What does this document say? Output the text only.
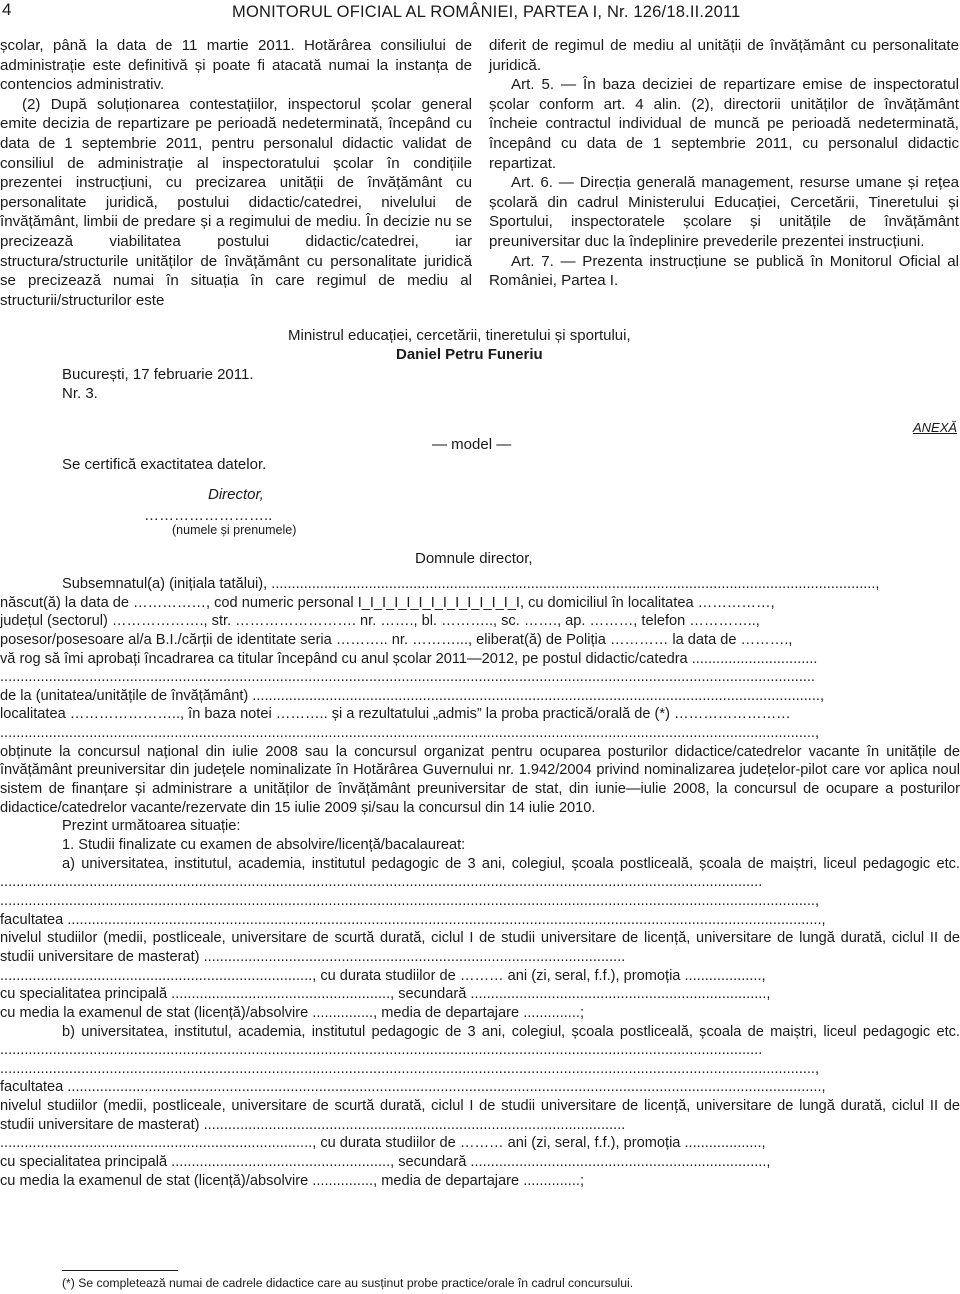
4	MONITORUL OFICIAL AL ROMÂNIEI, PARTEA I, Nr. 126/18.II.2011

școlar, până la data de 11 martie 2011. Hotărârea consiliului de administrație este definitivă și poate fi atacată numai la instanța de contencios administrativ.

(2) După soluționarea contestațiilor, inspectorul școlar general emite decizia de repartizare pe perioadă nedeterminată, începând cu data de 1 septembrie 2011, pentru personalul didactic validat de consiliul de administrație al inspectoratului școlar în condițiile prezentei instrucțiuni, cu precizarea unității de învățământ cu personalitate juridică, postului didactic/catedrei, nivelului de învățământ, limbii de predare și a regimului de mediu. În decizie nu se precizează viabilitatea postului didactic/catedrei, iar structura/structurile unităților de învățământ cu personalitate juridică se precizează numai în situația în care regimul de mediu al structurii/structurilor este

diferit de regimul de mediu al unității de învățământ cu personalitate juridică.

Art. 5. — În baza deciziei de repartizare emise de inspectoratul școlar conform art. 4 alin. (2), directorii unităților de învățământ încheie contractul individual de muncă pe perioadă nedeterminată, începând cu data de 1 septembrie 2011, cu personalul didactic repartizat.

Art. 6. — Direcția generală management, resurse umane și rețea școlară din cadrul Ministerului Educației, Cercetării, Tineretului și Sportului, inspectoratele școlare și unitățile de învățământ preuniversitar duc la îndeplinire prevederile prezentei instrucțiuni.

Art. 7. — Prezenta instrucțiune se publică în Monitorul Oficial al României, Partea I.

Ministrul educației, cercetării, tineretului și sportului,
Daniel Petru Funeriu
București, 17 februarie 2011.
Nr. 3.
ANEXĂ
— model —
Se certifică exactitatea datelor.
Director,
……………………..
(numele și prenumele)
Domnule director,
Subsemnatul(a) (inițiala tatălui), .....................................................................................................................................................,
născut(ă) la data de ……………, cod numeric personal I_I_I_I_I_I_I_I_I_I_I_I_I_I, cu domiciliul în localitatea ……………,
județul (sectorul) ………………., str. ……………………. nr. ……., bl. ……….., sc. ……., ap. ………, telefon …………..,
posesor/posesoare al/a B.I./cărții de identitate seria ……….. nr. ………..., eliberat(ă) de Poliția ………… la data de ……….,
vă rog să îmi aprobați încadrarea ca titular începând cu anul școlar 2011—2012, pe postul didactic/catedra ...............................
.........................................................................................................................................................................................................
de la (unitatea/unitățile de învățământ) ............................................................................................................................................,
localitatea ………………….., în baza notei ……….. și a rezultatului „admis” la proba practică/orală de (*) ……………………
.........................................................................................................................................................................................................,
obținute la concursul național din iulie 2008 sau la concursul organizat pentru ocuparea posturilor didactice/catedrelor vacante în unitățile de învățământ preuniversitar din județele nominalizate în Hotărârea Guvernului nr. 1.942/2004 privind nominalizarea județelor-pilot care vor aplica noul sistem de finanțare și administrare a unităților de învățământ preuniversitar de stat, din iunie—iulie 2008, la concursul de ocupare a posturilor didactice/catedrelor vacante/rezervate din 15 iulie 2009 și/sau la concursul din 14 iulie 2010.
Prezint următoarea situație:
1. Studii finalizate cu examen de absolvire/licență/bacalaureat:
a) universitatea, institutul, academia, institutul pedagogic de 3 ani, colegiul, școala postliceală, școala de maiștri, liceul pedagogic etc. ............................................................................................................................................................................................
.........................................................................................................................................................................................................,
facultatea ..........................................................................................................................................................................................,
nivelul studiilor (medii, postliceale, universitare de scurtă durată, ciclul I de studii universitare de licență, universitare de lungă durată, ciclul II de studii universitare de masterat) ........................................................................................................
............................................................................., cu durata studiilor de ……… ani (zi, seral, f.f.), promoția ...................,
cu specialitatea principală ......................................................, secundară .........................................................................,
cu media la examenul de stat (licență)/absolvire ..............., media de departajare ..............;
b) universitatea, institutul, academia, institutul pedagogic de 3 ani, colegiul, școala postliceală, școala de maiștri, liceul pedagogic etc. ............................................................................................................................................................................................
.........................................................................................................................................................................................................,
facultatea ..........................................................................................................................................................................................,
nivelul studiilor (medii, postliceale, universitare de scurtă durată, ciclul I de studii universitare de licență, universitare de lungă durată, ciclul II de studii universitare de masterat) ........................................................................................................
............................................................................., cu durata studiilor de ……… ani (zi, seral, f.f.), promoția ...................,
cu specialitatea principală ......................................................, secundară .........................................................................,
cu media la examenul de stat (licență)/absolvire ..............., media de departajare ..............;
(*) Se completează numai de cadrele didactice care au susținut probe practice/orale în cadrul concursului.
